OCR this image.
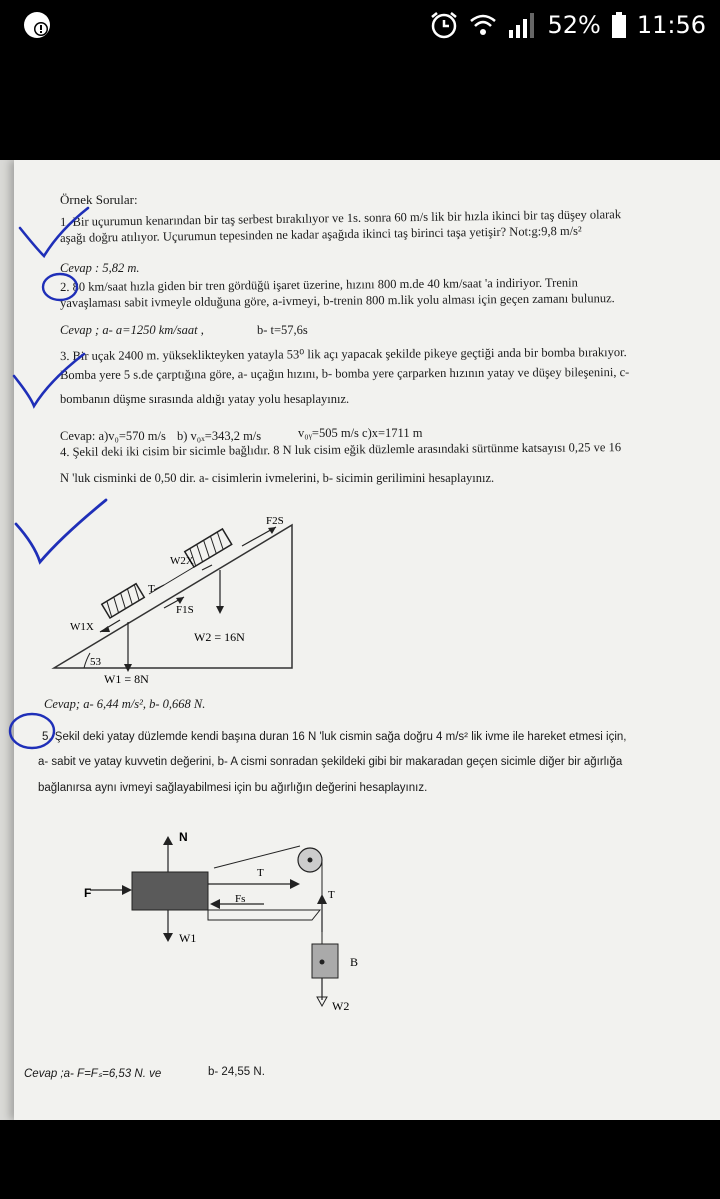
52% 11:56
Örnek Sorular:
1. Bir uçurumun kenarından bir taş serbest bırakılıyor ve 1s. sonra 60 m/s lik bir hızla ikinci bir taş düşey olarak
aşağı doğru atılıyor. Uçurumun tepesinden ne kadar aşağıda ikinci taş birinci taşa yetişir? Not:g:9,8 m/s²
Cevap : 5,82 m.
2. 80 km/saat hızla giden bir tren gördüğü işaret üzerine, hızını 800 m.de 40 km/saat 'a indiriyor. Trenin
yavaşlaması sabit ivmeyle olduğuna göre, a-ivmeyi, b-trenin 800 m.lik yolu alması için geçen zamanı bulunuz.
Cevap ; a- a=1250 km/saat ,	b- t=57,6s
3. Bir uçak 2400 m. yükseklikteyken yatayla 53⁰ lik açı yapacak şekilde pikeye geçtiği anda bir bomba bırakıyor.
Bomba yere 5 s.de çarptığına göre, a- uçağın hızını, b- bomba yere çarparken hızının yatay ve düşey bileşenini, c-
bombanın düşme sırasında aldığı yatay yolu hesaplayınız.
Cevap: a)v₀=570 m/s b) v₀ₓ=343,2 m/s	v₀ᵧ=505 m/s c)x=1711 m
4. Şekil deki iki cisim bir sicimle bağlıdır. 8 N luk cisim eğik düzlemle arasındaki sürtünme katsayısı 0,25 ve 16
N 'luk cisminki de 0,50 dir. a- cisimlerin ivmelerini, b- sicimin gerilimini hesaplayınız.
W2X
F2S
T
F1S
W1X
W2 = 16N
53
W1 = 8N
Cevap; a- 6,44 m/s², b- 0,668 N.
5. Şekil deki yatay düzlemde kendi başına duran 16 N 'luk cismin sağa doğru 4 m/s² lik ivme ile hareket etmesi için,
a- sabit ve yatay kuvvetin değerini, b- A cismi sonradan şekildeki gibi bir makaradan geçen sicimle diğer bir ağırlığa
bağlanırsa aynı ivmeyi sağlayabilmesi için bu ağırlığın değerini hesaplayınız.
N
F
T
Fs	T
B
W2
W1
Cevap ;a- F=Fₛ=6,53 N. ve	b- 24,55 N.
